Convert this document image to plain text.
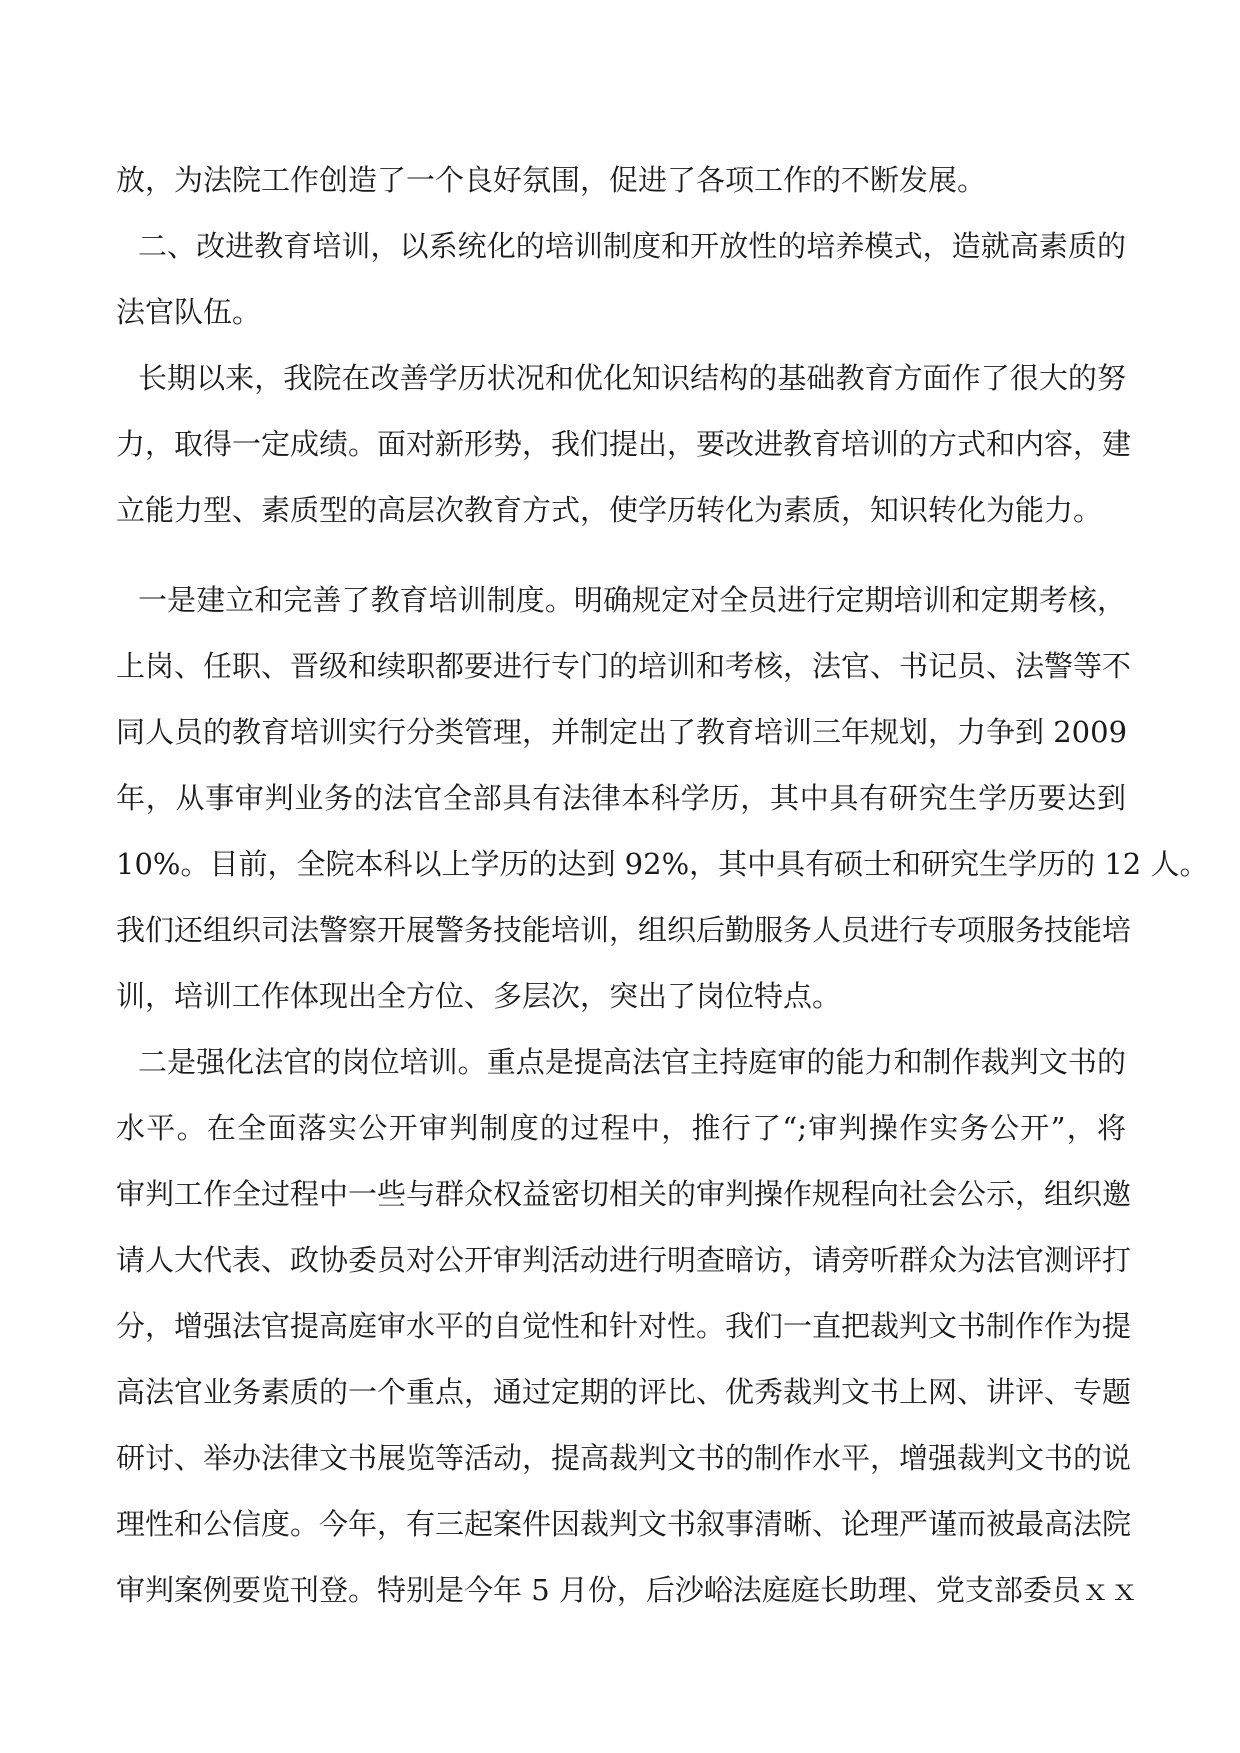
放，为法院工作创造了一个良好氛围，促进了各项工作的不断发展。
二、改进教育培训，以系统化的培训制度和开放性的培养模式，造就高素质的
法官队伍。
长期以来，我院在改善学历状况和优化知识结构的基础教育方面作了很大的努
力，取得一定成绩。面对新形势，我们提出，要改进教育培训的方式和内容，建
立能力型、素质型的高层次教育方式，使学历转化为素质，知识转化为能力。
一是建立和完善了教育培训制度。明确规定对全员进行定期培训和定期考核，
上岗、任职、晋级和续职都要进行专门的培训和考核，法官、书记员、法警等不
同人员的教育培训实行分类管理，并制定出了教育培训三年规划，力争到 2009
年，从事审判业务的法官全部具有法律本科学历，其中具有研究生学历要达到
10%。目前，全院本科以上学历的达到 92%，其中具有硕士和研究生学历的 12 人。
我们还组织司法警察开展警务技能培训，组织后勤服务人员进行专项服务技能培
训，培训工作体现出全方位、多层次，突出了岗位特点。
二是强化法官的岗位培训。重点是提高法官主持庭审的能力和制作裁判文书的
水平。在全面落实公开审判制度的过程中，推行了“;审判操作实务公开”，将
审判工作全过程中一些与群众权益密切相关的审判操作规程向社会公示，组织邀
请人大代表、政协委员对公开审判活动进行明查暗访，请旁听群众为法官测评打
分，增强法官提高庭审水平的自觉性和针对性。我们一直把裁判文书制作作为提
高法官业务素质的一个重点，通过定期的评比、优秀裁判文书上网、讲评、专题
研讨、举办法律文书展览等活动，提高裁判文书的制作水平，增强裁判文书的说
理性和公信度。今年，有三起案件因裁判文书叙事清晰、论理严谨而被最高法院
审判案例要览刊登。特别是今年 5 月份，后沙峪法庭庭长助理、党支部委员ｘｘ
